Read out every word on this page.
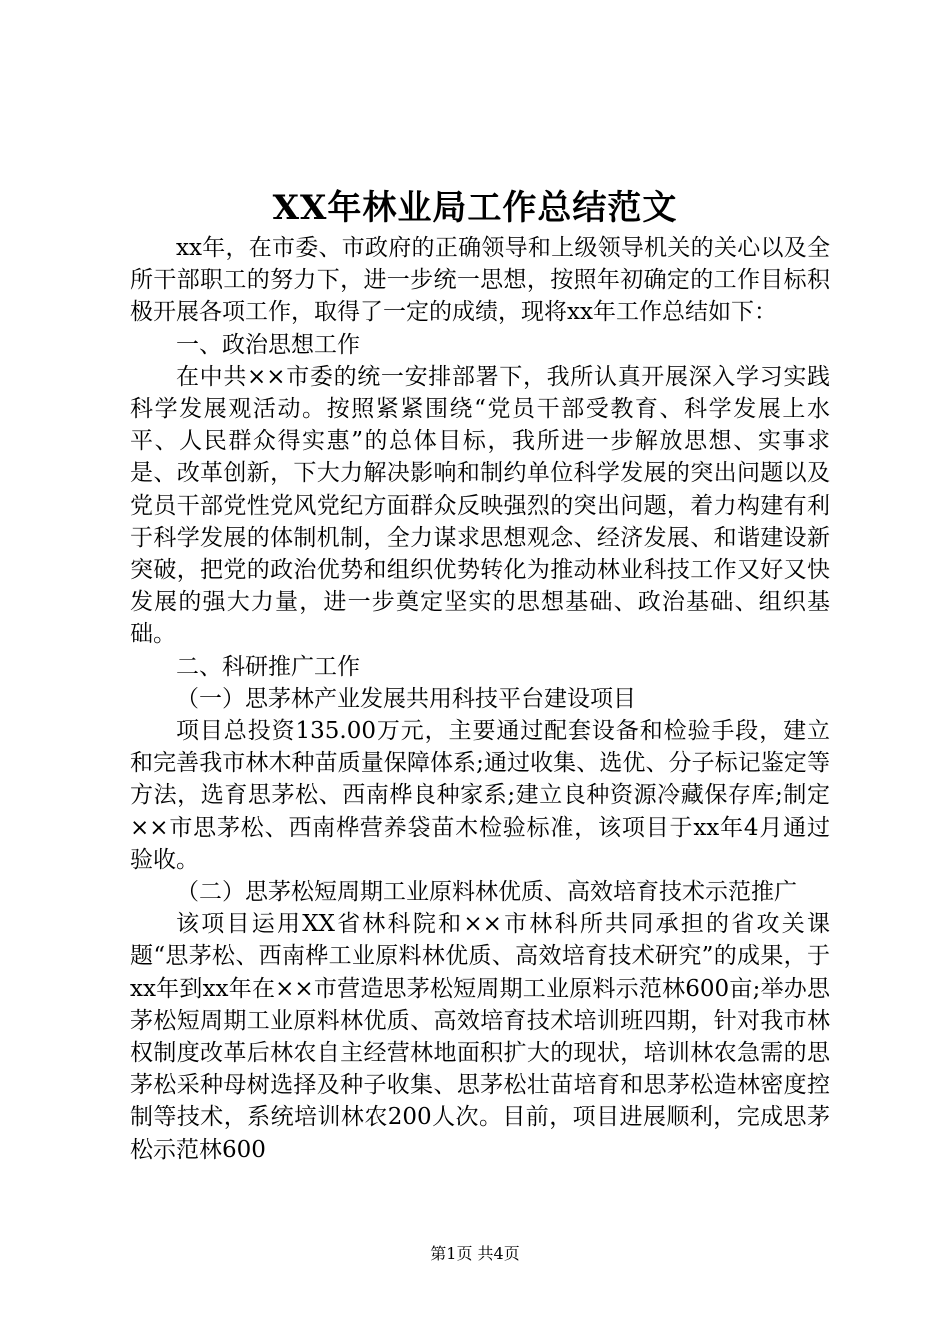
XX年林业局工作总结范文

xx年，在市委、市政府的正确领导和上级领导机关的关心以及全所干部职工的努力下，进一步统一思想，按照年初确定的工作目标积极开展各项工作，取得了一定的成绩，现将xx年工作总结如下：

一、政治思想工作

在中共××市委的统一安排部署下，我所认真开展深入学习实践科学发展观活动。按照紧紧围绕“党员干部受教育、科学发展上水平、人民群众得实惠”的总体目标，我所进一步解放思想、实事求是、改革创新，下大力解决影响和制约单位科学发展的突出问题以及党员干部党性党风党纪方面群众反映强烈的突出问题，着力构建有利于科学发展的体制机制，全力谋求思想观念、经济发展、和谐建设新突破，把党的政治优势和组织优势转化为推动林业科技工作又好又快发展的强大力量，进一步奠定坚实的思想基础、政治基础、组织基础。

二、科研推广工作

（一）思茅林产业发展共用科技平台建设项目

项目总投资135.00万元，主要通过配套设备和检验手段，建立和完善我市林木种苗质量保障体系;通过收集、选优、分子标记鉴定等方法，选育思茅松、西南桦良种家系;建立良种资源冷藏保存库;制定××市思茅松、西南桦营养袋苗木检验标准，该项目于xx年4月通过验收。

（二）思茅松短周期工业原料林优质、高效培育技术示范推广

该项目运用XX省林科院和××市林科所共同承担的省攻关课题“思茅松、西南桦工业原料林优质、高效培育技术研究”的成果，于xx年到xx年在××市营造思茅松短周期工业原料示范林600亩;举办思茅松短周期工业原料林优质、高效培育技术培训班四期，针对我市林权制度改革后林农自主经营林地面积扩大的现状，培训林农急需的思茅松采种母树选择及种子收集、思茅松壮苗培育和思茅松造林密度控制等技术，系统培训林农200人次。目前，项目进展顺利，完成思茅松示范林600

第1页 共4页
